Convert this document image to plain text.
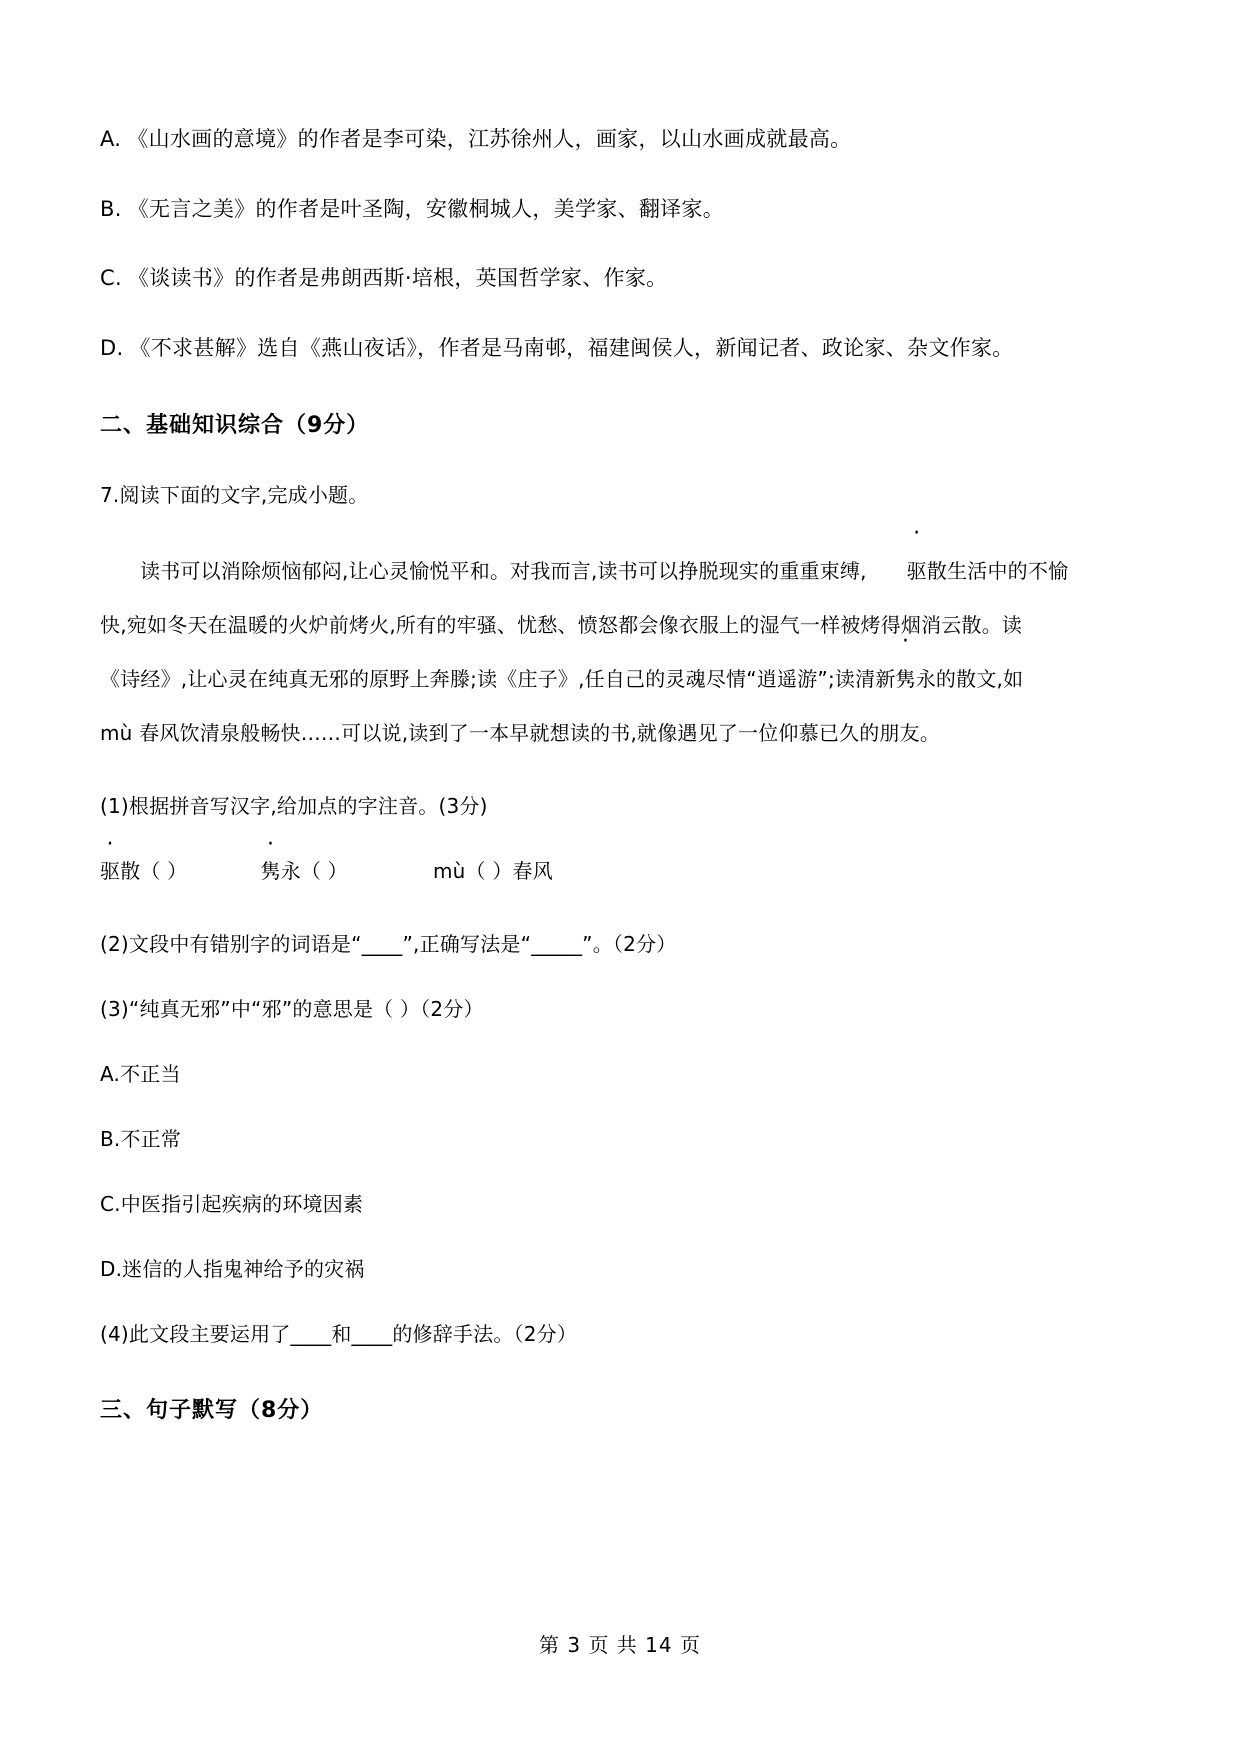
A. 《山水画的意境》的作者是李可染，江苏徐州人，画家，以山水画成就最高。
B. 《无言之美》的作者是叶圣陶，安徽桐城人，美学家、翻译家。
C. 《谈读书》的作者是弗朗西斯·培根，英国哲学家、作家。
D. 《不求甚解》选自《燕山夜话》，作者是马南邨，福建闽侯人，新闻记者、政论家、杂文作家。
二、基础知识综合（9分）
7.阅读下面的文字,完成小题。
读书可以消除烦恼郁闷,让心灵愉悦平和。对我而言,读书可以挣脱现实的重重束缚, 驱散生活中的不愉
快,宛如冬天在温暖的火炉前烤火,所有的牢骚、忧愁、愤怒都会像衣服上的湿气一样被烤得烟消云散。读
《诗经》,让心灵在纯真无邪的原野上奔滕;读《庄子》,任自己的灵魂尽情“逍遥游”;读清新隽永的散文,如
mù 春风饮清泉般畅快……可以说,读到了一本早就想读的书,就像遇见了一位仰慕已久的朋友。
(1)根据拼音写汉字,给加点的字注音。(3分)
驱散（ ）	隽永（ ）	mù（ ）春风
(2)文段中有错别字的词语是“____”,正确写法是“_____”。（2分）
(3)“纯真无邪”中“邪”的意思是（ ）（2分）
A.不正当
B.不正常
C.中医指引起疾病的环境因素
D.迷信的人指鬼神给予的灾祸
(4)此文段主要运用了____和____的修辞手法。（2分）
三、句子默写（8分）
第 3 页 共 14 页
